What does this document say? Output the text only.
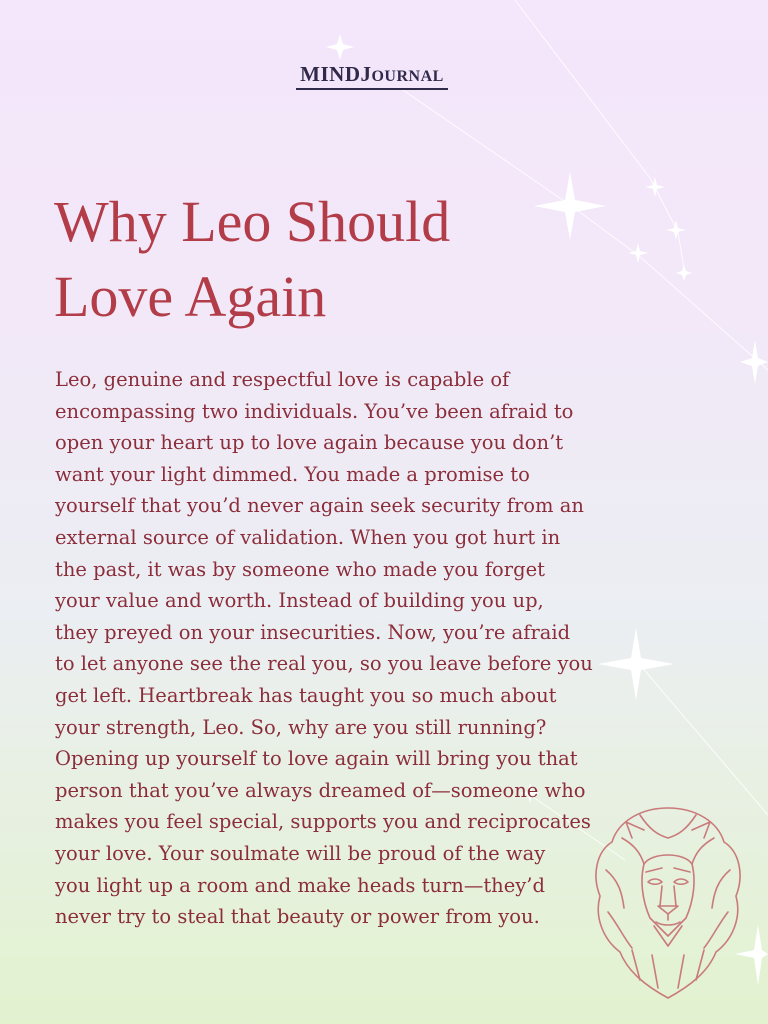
MINDJOURNAL
Why Leo Should
Love Again
Leo, genuine and respectful love is capable of
encompassing two individuals. You’ve been afraid to
open your heart up to love again because you don’t
want your light dimmed. You made a promise to
yourself that you’d never again seek security from an
external source of validation. When you got hurt in
the past, it was by someone who made you forget
your value and worth. Instead of building you up,
they preyed on your insecurities. Now, you’re afraid
to let anyone see the real you, so you leave before you
get left. Heartbreak has taught you so much about
your strength, Leo. So, why are you still running?
Opening up yourself to love again will bring you that
person that you’ve always dreamed of—someone who
makes you feel special, supports you and reciprocates
your love. Your soulmate will be proud of the way
you light up a room and make heads turn—they’d
never try to steal that beauty or power from you.
